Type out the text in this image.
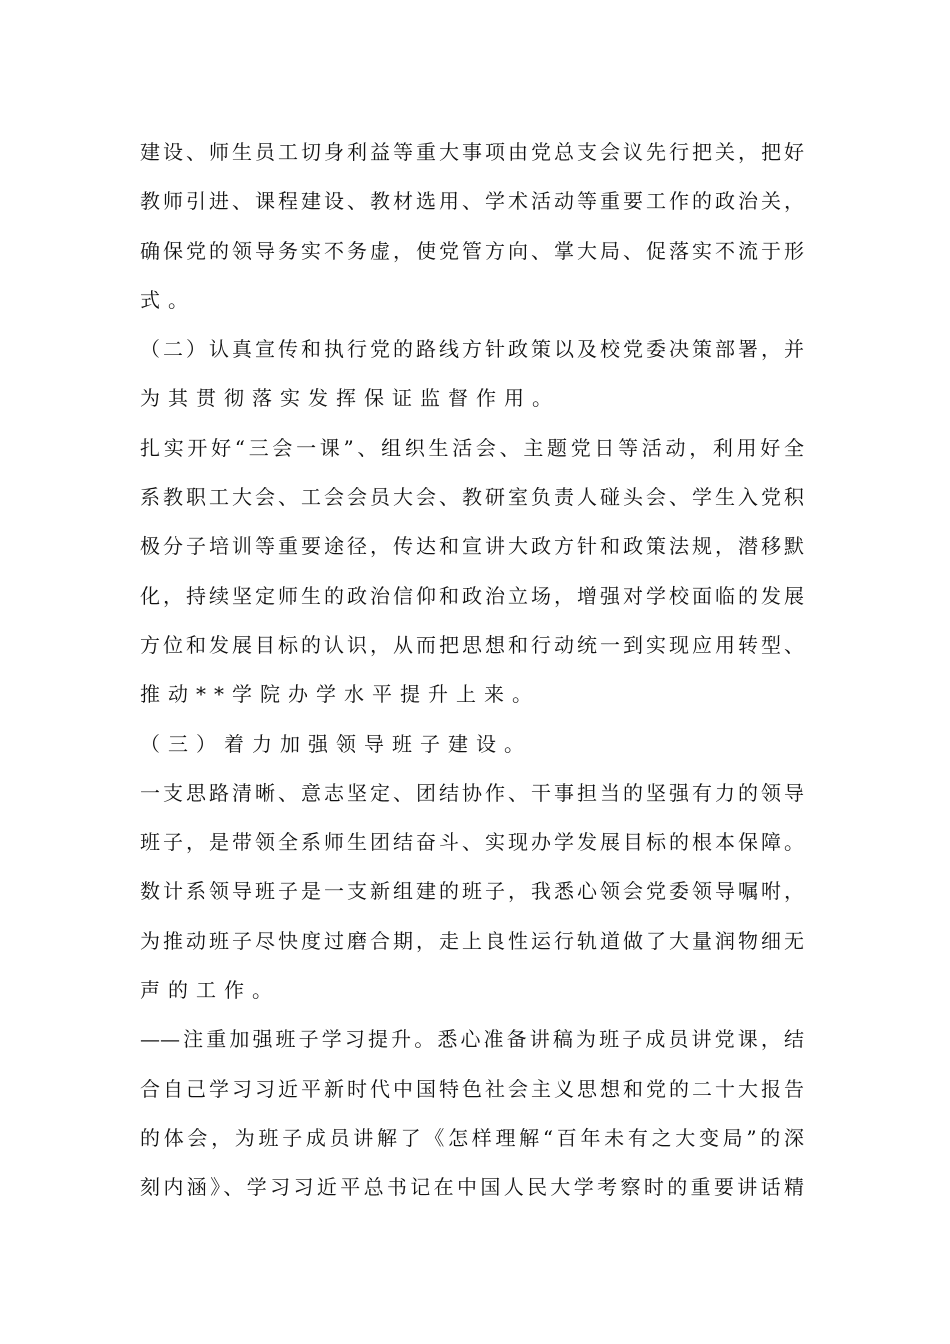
建设、师生员工切身利益等重大事项由党总支会议先行把关，把好
教师引进、课程建设、教材选用、学术活动等重要工作的政治关，
确保党的领导务实不务虚，使党管方向、掌大局、促落实不流于形
式。
（二）认真宣传和执行党的路线方针政策以及校党委决策部署，并
为其贯彻落实发挥保证监督作用。
扎实开好“三会一课”、组织生活会、主题党日等活动，利用好全
系教职工大会、工会会员大会、教研室负责人碰头会、学生入党积
极分子培训等重要途径，传达和宣讲大政方针和政策法规，潜移默
化，持续坚定师生的政治信仰和政治立场，增强对学校面临的发展
方位和发展目标的认识，从而把思想和行动统一到实现应用转型、
推动**学院办学水平提升上来。
（三）着力加强领导班子建设。
一支思路清晰、意志坚定、团结协作、干事担当的坚强有力的领导
班子，是带领全系师生团结奋斗、实现办学发展目标的根本保障。
数计系领导班子是一支新组建的班子，我悉心领会党委领导嘱咐，
为推动班子尽快度过磨合期，走上良性运行轨道做了大量润物细无
声的工作。
——注重加强班子学习提升。悉心准备讲稿为班子成员讲党课，结
合自己学习习近平新时代中国特色社会主义思想和党的二十大报告
的体会，为班子成员讲解了《怎样理解“百年未有之大变局”的深
刻内涵》、学习习近平总书记在中国人民大学考察时的重要讲话精
